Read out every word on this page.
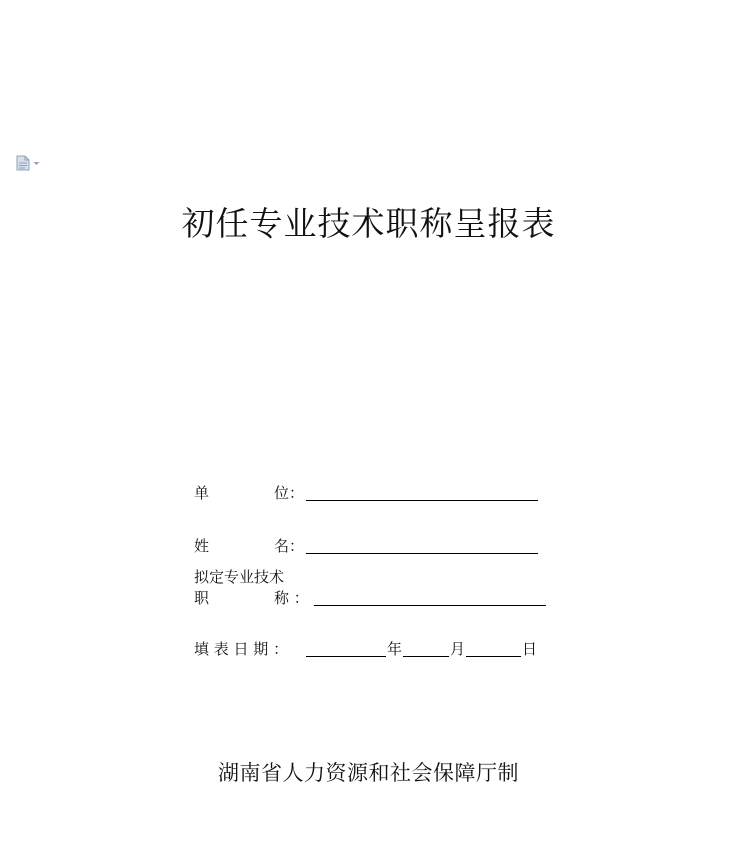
初任专业技术职称呈报表
单	位：
姓	名：
拟定专业技术
职	称 ：
填 表 日 期 ：	年	月	日
湖南省人力资源和社会保障厅制
